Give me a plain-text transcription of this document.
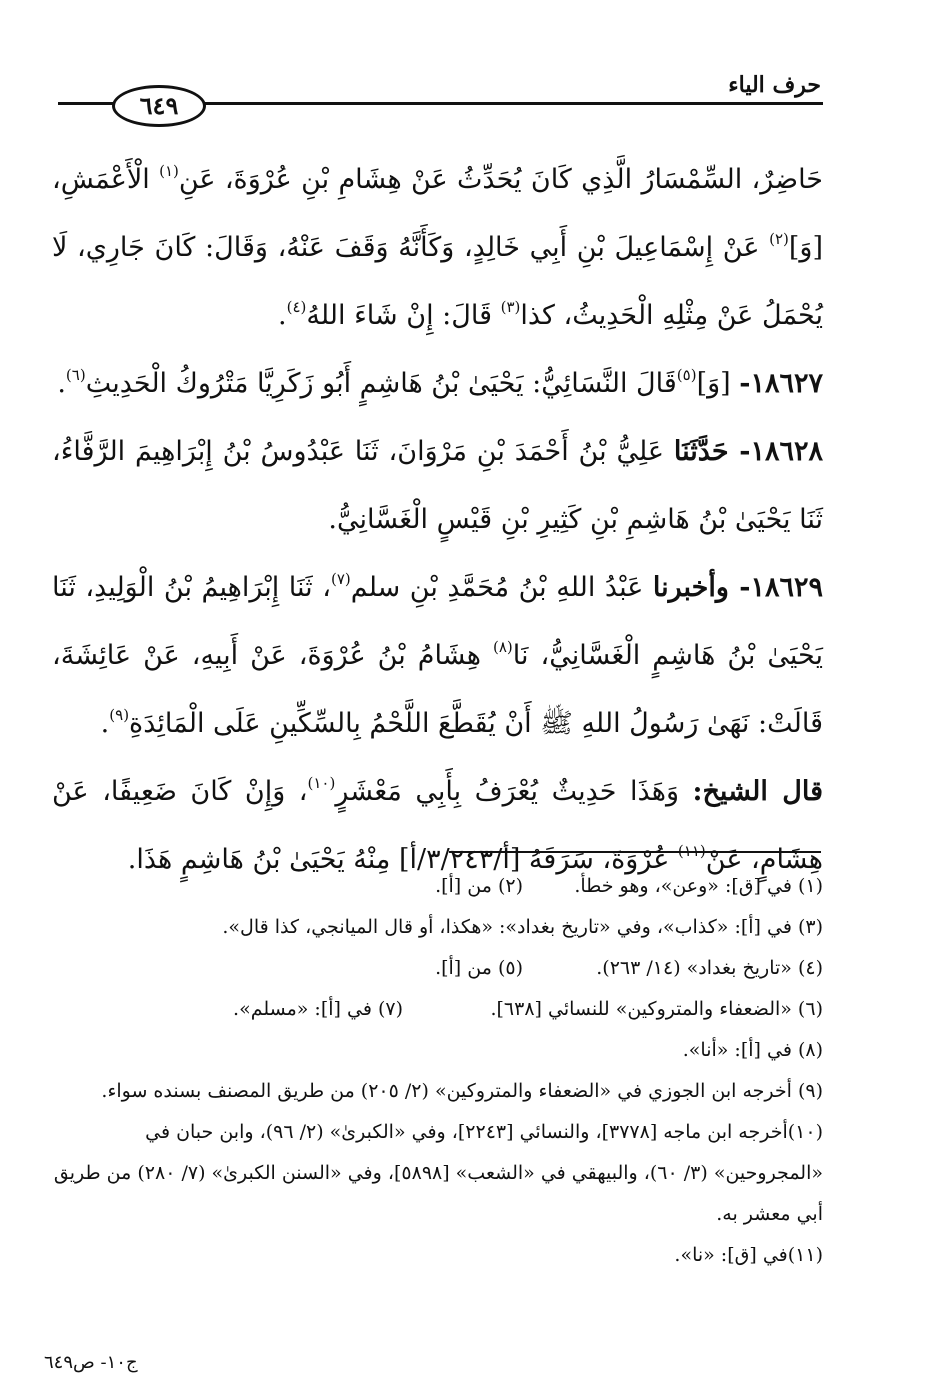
حرف الياء
٦٤٩

حَاضِرٌ، السِّمْسَارُ الَّذِي كَانَ يُحَدِّثُ عَنْ هِشَامِ بْنِ عُرْوَةَ، عَنِ$^{(١)}$ الْأَعْمَشِ، [وَ]$^{(٢)}$ عَنْ إِسْمَاعِيلَ بْنِ أَبِي خَالِدٍ، وَكَأَنَّهُ وَقَفَ عَنْهُ، وَقَالَ: كَانَ جَارِي، لَا يُحْمَلُ عَنْ مِثْلِهِ الْحَدِيثُ، كذا$^{(٣)}$ قَالَ: إِنْ شَاءَ اللهُ$^{(٤)}$.

١٨٦٢٧- [وَ]$^{(٥)}$قَالَ النَّسَائِيُّ: يَحْيَىٰ بْنُ هَاشِمٍ أَبُو زَكَرِيَّا مَتْرُوكُ الْحَدِيثِ$^{(٦)}$.

١٨٦٢٨- حَدَّثَنَا عَلِيُّ بْنُ أَحْمَدَ بْنِ مَرْوَانَ، ثَنَا عَبْدُوسُ بْنُ إِبْرَاهِيمَ الرَّفَّاءُ، ثَنَا يَحْيَىٰ بْنُ هَاشِمِ بْنِ كَثِيرِ بْنِ قَيْسٍ الْغَسَّانِيُّ.

١٨٦٢٩- وأخبرنا عَبْدُ اللهِ بْنُ مُحَمَّدِ بْنِ سلم$^{(٧)}$، ثَنَا إِبْرَاهِيمُ بْنُ الْوَلِيدِ، ثَنَا يَحْيَىٰ بْنُ هَاشِمٍ الْغَسَّانِيُّ، نَا$^{(٨)}$ هِشَامُ بْنُ عُرْوَةَ، عَنْ أَبِيهِ، عَنْ عَائِشَةَ، قَالَتْ: نَهَىٰ رَسُولُ اللهِ ﷺ أَنْ يُقَطَّعَ اللَّحْمُ بِالسِّكِّينِ عَلَى الْمَائِدَةِ$^{(٩)}$.

قال الشيخ: وَهَذَا حَدِيثٌ يُعْرَفُ بِأَبِي مَعْشَرٍ$^{(١٠)}$، وَإِنْ كَانَ ضَعِيفًا، عَنْ هِشَامٍ، عَنْ$^{(١١)}$ عُرْوَةَ، سَرَقَهُ [أ/٣/٢٤٣/أ] مِنْهُ يَحْيَىٰ بْنُ هَاشِمٍ هَذَا.

(١) في [ق]: «وعن»، وهو خطأ.
(٢) من [أ].
(٣) في [أ]: «كذاب»، وفي «تاريخ بغداد»: «هكذا، أو قال الميانجي، كذا قال».
(٤) «تاريخ بغداد» (١٤/ ٢٦٣).
(٥) من [أ].
(٦) «الضعفاء والمتروكين» للنسائي [٦٣٨].
(٧) في [أ]: «مسلم».
(٨) في [أ]: «أنا».
(٩) أخرجه ابن الجوزي في «الضعفاء والمتروكين» (٢/ ٢٠٥) من طريق المصنف بسنده سواء.
(١٠)أخرجه ابن ماجه [٣٧٧٨]، والنسائي [٢٢٤٣]، وفي «الكبرىٰ» (٢/ ٩٦)، وابن حبان في «المجروحين» (٣/ ٦٠)، والبيهقي في «الشعب» [٥٨٩٨]، وفي «السنن الكبرىٰ» (٧/ ٢٨٠) من طريق أبي معشر به.
(١١)في [ق]: «نا».
ج١٠- ص٦٤٩
